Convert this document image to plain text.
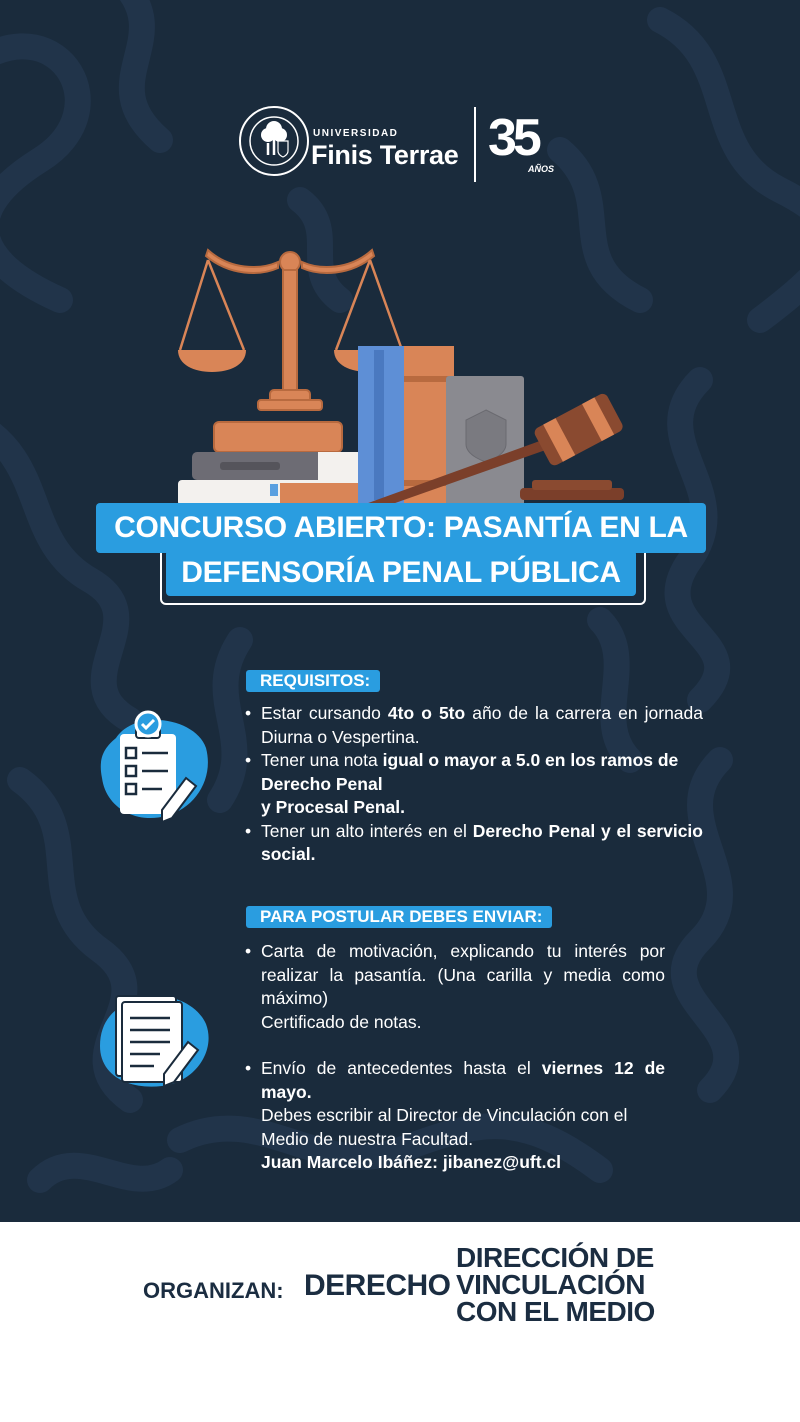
UNIVERSIDAD
Finis Terrae 35
AÑOS
CONCURSO ABIERTO: PASANTÍA EN LA
DEFENSORÍA PENAL PÚBLICA
REQUISITOS:
• Estar cursando 4to o 5to año de la carrera en jornada Diurna o Vespertina.
• Tener una nota igual o mayor a 5.0 en los ramos de Derecho Penal
y Procesal Penal.
• Tener un alto interés en el Derecho Penal y el servicio social.
PARA POSTULAR DEBES ENVIAR:
• Carta de motivación, explicando tu interés por realizar la pasantía. (Una carilla y media como máximo)
Certificado de notas.
• Envío de antecedentes hasta el viernes 12 de mayo.
Debes escribir al Director de Vinculación con el Medio de nuestra Facultad.
Juan Marcelo Ibáñez: jibanez@uft.cl
ORGANIZAN: DERECHO
DIRECCIÓN DE
VINCULACIÓN
CON EL MEDIO
